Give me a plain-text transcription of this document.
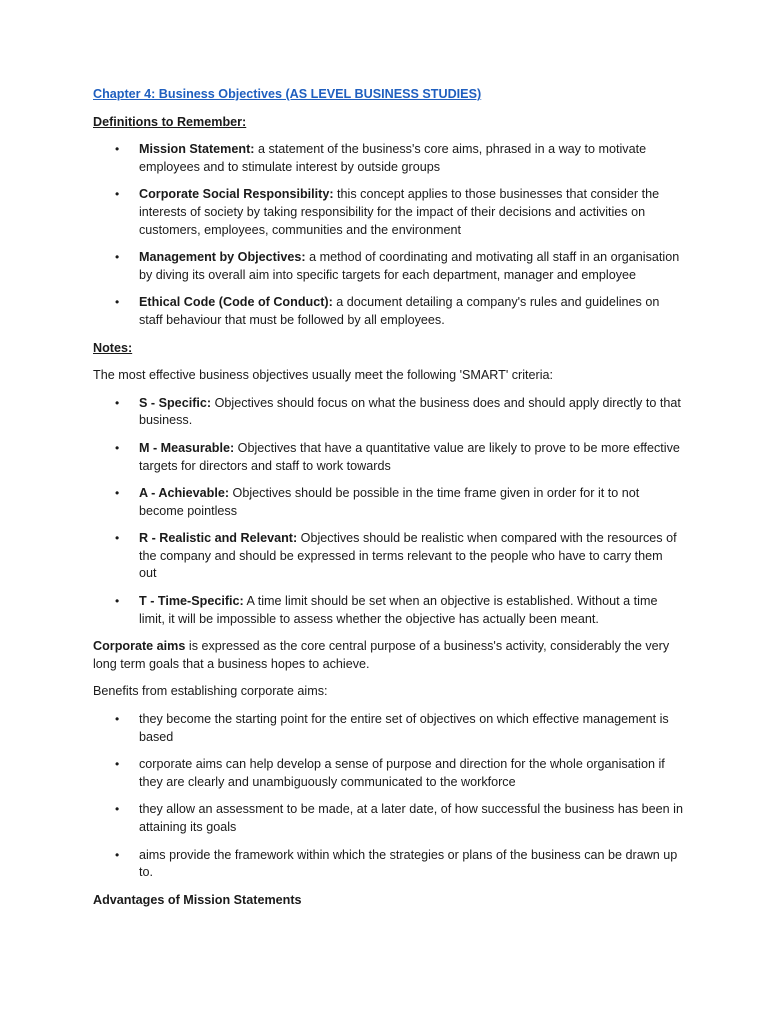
Chapter 4: Business Objectives (AS LEVEL BUSINESS STUDIES)

Definitions to Remember:

• Mission Statement: a statement of the business's core aims, phrased in a way to motivate employees and to stimulate interest by outside groups
• Corporate Social Responsibility: this concept applies to those businesses that consider the interests of society by taking responsibility for the impact of their decisions and activities on customers, employees, communities and the environment
• Management by Objectives: a method of coordinating and motivating all staff in an organisation by diving its overall aim into specific targets for each department, manager and employee
• Ethical Code (Code of Conduct): a document detailing a company's rules and guidelines on staff behaviour that must be followed by all employees.

Notes:

The most effective business objectives usually meet the following 'SMART' criteria:

• S - Specific: Objectives should focus on what the business does and should apply directly to that business.
• M - Measurable: Objectives that have a quantitative value are likely to prove to be more effective targets for directors and staff to work towards
• A - Achievable: Objectives should be possible in the time frame given in order for it to not become pointless
• R - Realistic and Relevant: Objectives should be realistic when compared with the resources of the company and should be expressed in terms relevant to the people who have to carry them out
• T - Time-Specific: A time limit should be set when an objective is established. Without a time limit, it will be impossible to assess whether the objective has actually been meant.

Corporate aims is expressed as the core central purpose of a business's activity, considerably the very long term goals that a business hopes to achieve.

Benefits from establishing corporate aims:

• they become the starting point for the entire set of objectives on which effective management is based
• corporate aims can help develop a sense of purpose and direction for the whole organisation if they are clearly and unambiguously communicated to the workforce
• they allow an assessment to be made, at a later date, of how successful the business has been in attaining its goals
• aims provide the framework within which the strategies or plans of the business can be drawn up to.

Advantages of Mission Statements
